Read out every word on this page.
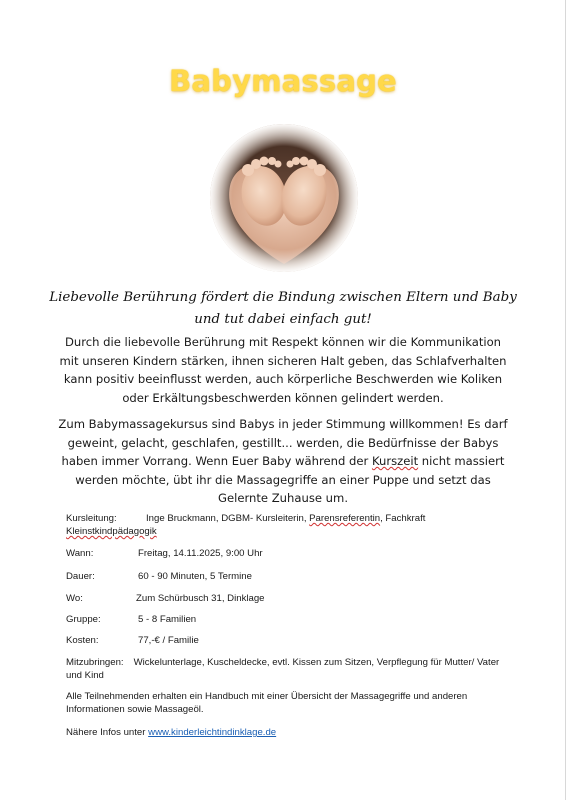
Babymassage
Liebevolle Berührung fördert die Bindung zwischen Eltern und Baby und tut dabei einfach gut!
Durch die liebevolle Berührung mit Respekt können wir die Kommunikation mit unseren Kindern stärken, ihnen sicheren Halt geben, das Schlafverhalten kann positiv beeinflusst werden, auch körperliche Beschwerden wie Koliken oder Erkältungsbeschwerden können gelindert werden.
Zum Babymassagekursus sind Babys in jeder Stimmung willkommen! Es darf geweint, gelacht, geschlafen, gestillt... werden, die Bedürfnisse der Babys haben immer Vorrang. Wenn Euer Baby während der Kurszeit nicht massiert werden möchte, übt ihr die Massagegriffe an einer Puppe und setzt das Gelernte Zuhause um.
Kursleitung:	Inge Bruckmann, DGBM- Kursleiterin, Parensreferentin, Fachkraft
Kleinstkindpädagogik
Wann:	Freitag, 14.11.2025, 9:00 Uhr
Dauer:	60 - 90 Minuten, 5 Termine
Wo:	Zum Schürbusch 31, Dinklage
Gruppe:	5 - 8 Familien
Kosten:	77,-€ / Familie
Mitzubringen: Wickelunterlage, Kuscheldecke, evtl. Kissen zum Sitzen, Verpflegung für Mutter/ Vater und Kind
Alle Teilnehmenden erhalten ein Handbuch mit einer Übersicht der Massagegriffe und anderen Informationen sowie Massageöl.
Nähere Infos unter www.kinderleichtindinklage.de
